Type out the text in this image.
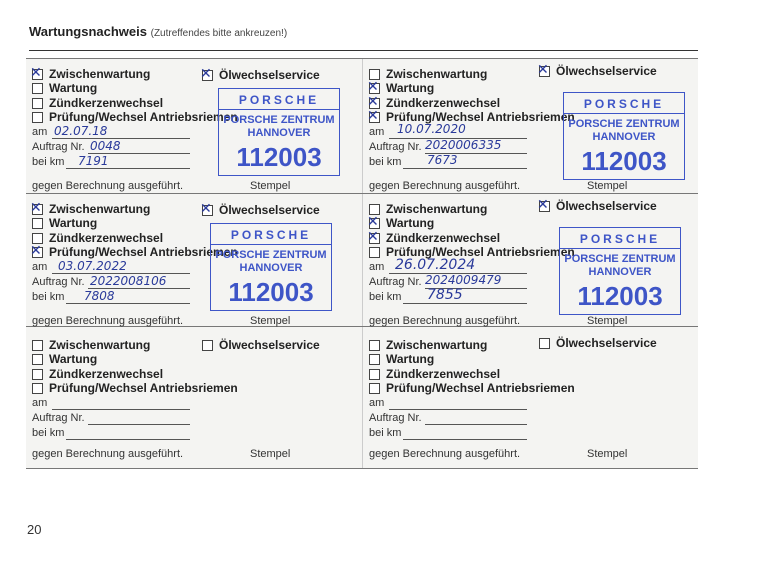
Wartungsnachweis (Zutreffendes bitte ankreuzen!)
✕
Zwischenwartung
Wartung
Zündkerzenwechsel
Prüfung/Wechsel Antriebsriemen
✕
Ölwechselservice
am 02.07.18
Auftrag Nr. 0048
bei km 7191
gegen Berechnung ausgeführt.
PORSCHE
PORSCHE ZENTRUM
HANNOVER
112003
Stempel
Zwischenwartung
✕
Wartung
✕
Zündkerzenwechsel
✕
Prüfung/Wechsel Antriebsriemen
✕
Ölwechselservice
am 10.07.2020
Auftrag Nr. 2020006335
bei km 7673
gegen Berechnung ausgeführt.
PORSCHE
PORSCHE ZENTRUM
HANNOVER
112003
Stempel
✕
Zwischenwartung
Wartung
Zündkerzenwechsel
✕
Prüfung/Wechsel Antriebsriemen
✕
Ölwechselservice
am 03.07.2022
Auftrag Nr. 2022008106
bei km 7808
gegen Berechnung ausgeführt.
PORSCHE
PORSCHE ZENTRUM
HANNOVER
112003
Stempel
Zwischenwartung
✕
Wartung
✕
Zündkerzenwechsel
Prüfung/Wechsel Antriebsriemen
✕
Ölwechselservice
am 26.07.2024
Auftrag Nr. 2024009479
bei km 7855
gegen Berechnung ausgeführt.
PORSCHE
PORSCHE ZENTRUM
HANNOVER
112003
Stempel
Zwischenwartung
Wartung
Zündkerzenwechsel
Prüfung/Wechsel Antriebsriemen
Ölwechselservice
am
Auftrag Nr.
bei km
gegen Berechnung ausgeführt.	Stempel
Zwischenwartung
Wartung
Zündkerzenwechsel
Prüfung/Wechsel Antriebsriemen
Ölwechselservice
am
Auftrag Nr.
bei km
gegen Berechnung ausgeführt.	Stempel
20
